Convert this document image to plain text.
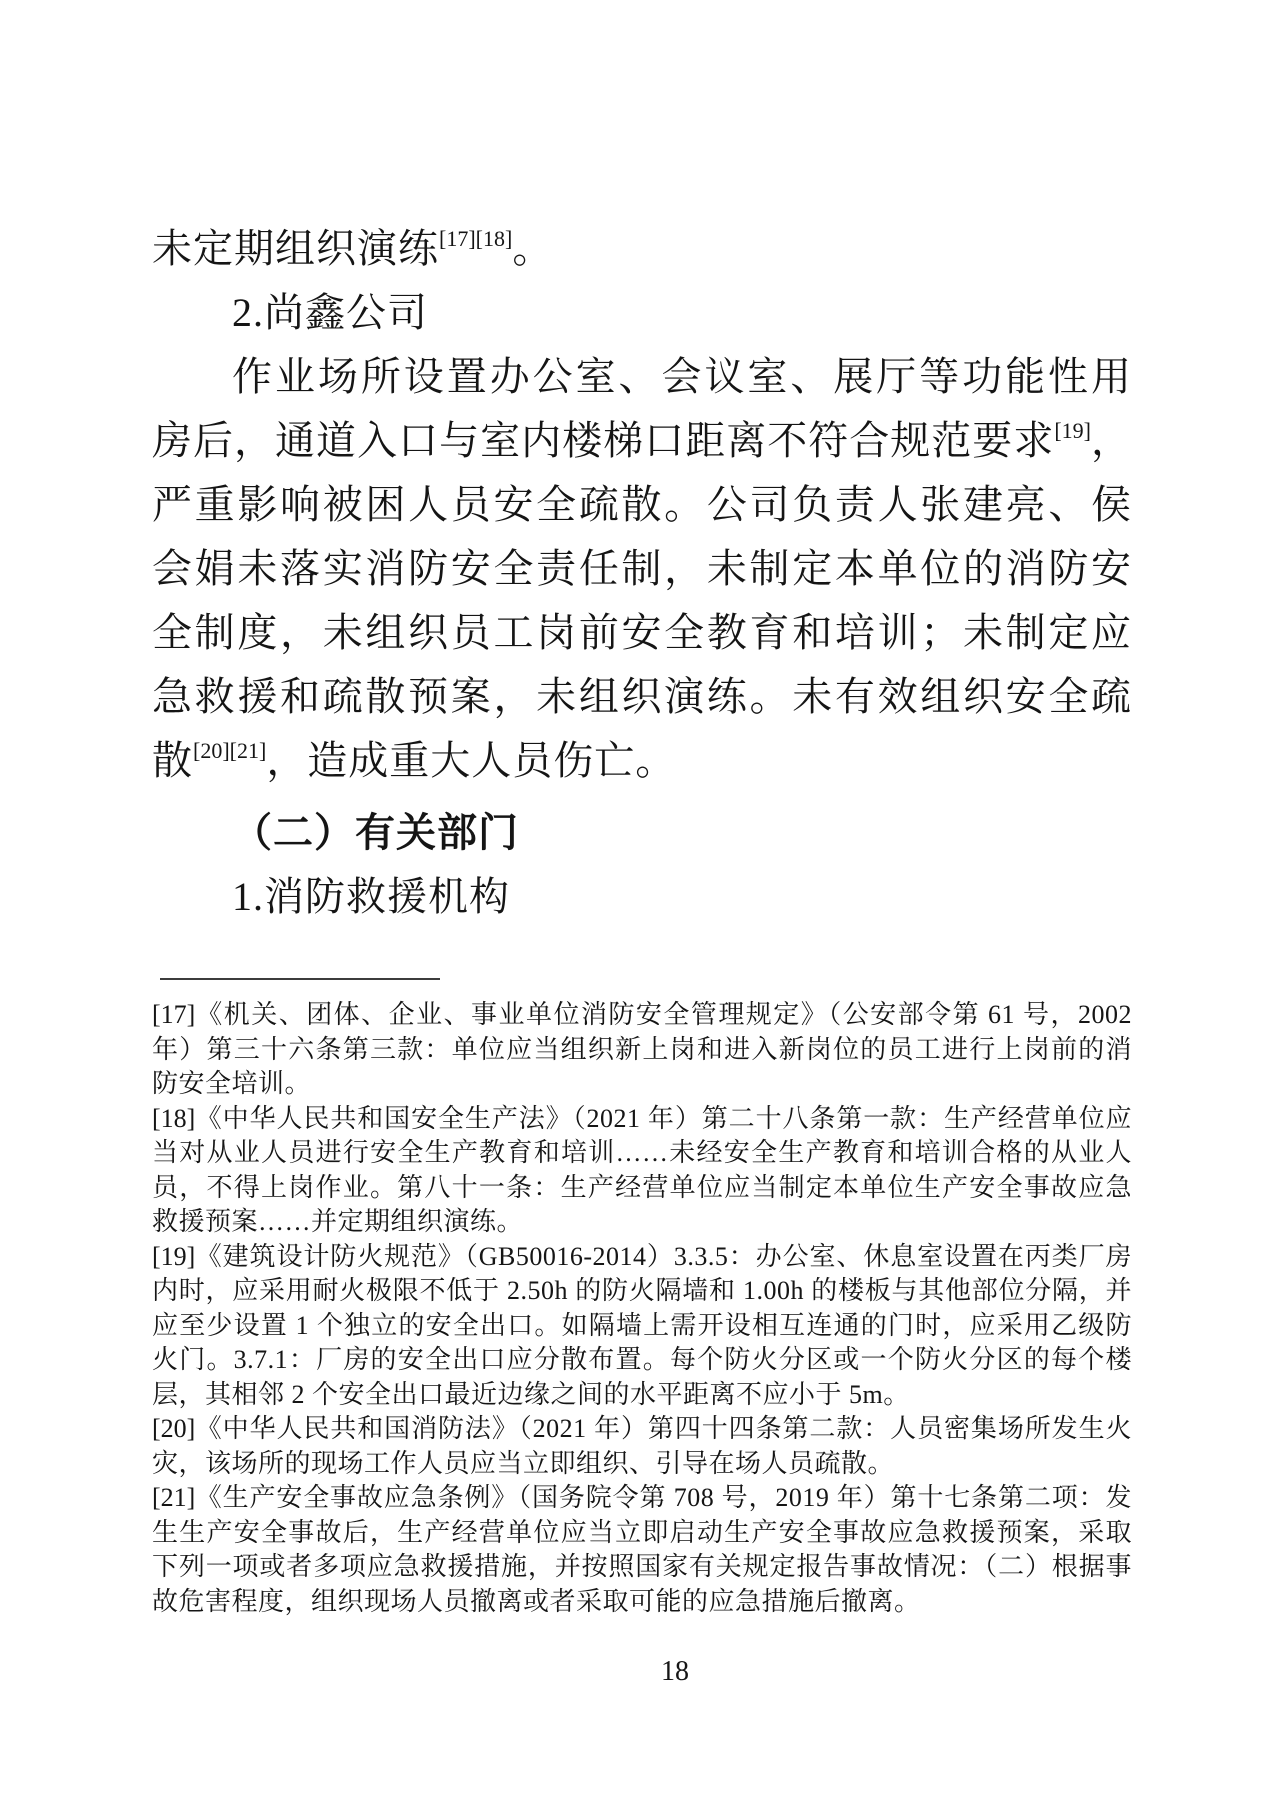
未定期组织演练[17][18]。

2.尚鑫公司

作业场所设置办公室、会议室、展厅等功能性用房后，通道入口与室内楼梯口距离不符合规范要求[19]，严重影响被困人员安全疏散。公司负责人张建亮、侯会娟未落实消防安全责任制，未制定本单位的消防安全制度，未组织员工岗前安全教育和培训；未制定应急救援和疏散预案，未组织演练。未有效组织安全疏散[20][21]，造成重大人员伤亡。

（二）有关部门
1.消防救援机构

[17]《机关、团体、企业、事业单位消防安全管理规定》（公安部令第 61 号，2002 年）第三十六条第三款：单位应当组织新上岗和进入新岗位的员工进行上岗前的消防安全培训。

[18]《中华人民共和国安全生产法》（2021 年）第二十八条第一款：生产经营单位应当对从业人员进行安全生产教育和培训……未经安全生产教育和培训合格的从业人员，不得上岗作业。第八十一条：生产经营单位应当制定本单位生产安全事故应急救援预案……并定期组织演练。

[19]《建筑设计防火规范》（GB50016-2014）3.3.5：办公室、休息室设置在丙类厂房内时，应采用耐火极限不低于 2.50h 的防火隔墙和 1.00h 的楼板与其他部位分隔，并应至少设置 1 个独立的安全出口。如隔墙上需开设相互连通的门时，应采用乙级防火门。3.7.1：厂房的安全出口应分散布置。每个防火分区或一个防火分区的每个楼层，其相邻 2 个安全出口最近边缘之间的水平距离不应小于 5m。

[20]《中华人民共和国消防法》（2021 年）第四十四条第二款：人员密集场所发生火灾，该场所的现场工作人员应当立即组织、引导在场人员疏散。

[21]《生产安全事故应急条例》（国务院令第 708 号，2019 年）第十七条第二项：发生生产安全事故后，生产经营单位应当立即启动生产安全事故应急救援预案，采取下列一项或者多项应急救援措施，并按照国家有关规定报告事故情况：（二）根据事故危害程度，组织现场人员撤离或者采取可能的应急措施后撤离。

18
